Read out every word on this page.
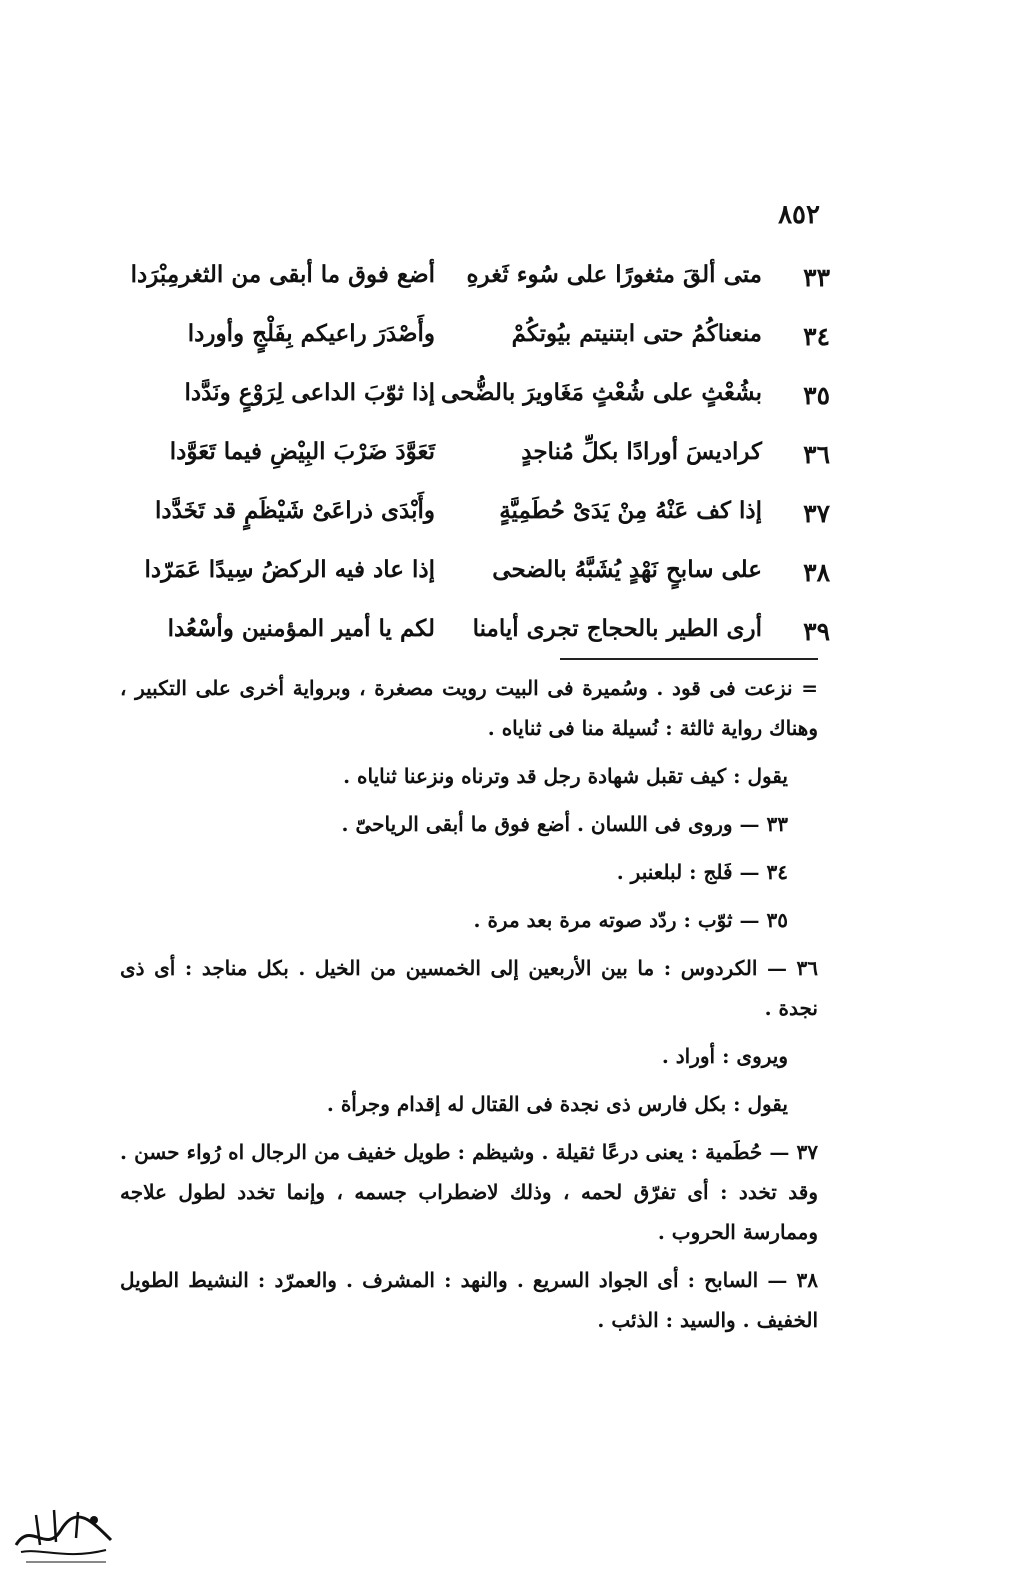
٨٥٢
٣٣
متى ألقَ مثغورًا على سُوء ثَغرهِ
أضع فوق ما أبقى من الثغرمِبْرَدا
٣٤
منعناكُمُ حتى ابتنيتم بيُوتكُمْ
وأَصْدَرَ راعيكم بِفَلْجٍ وأوردا
٣٥
بشُعْثٍ على شُعْثٍ مَغَاويرَ بالضُّحى
إذا ثوّبَ الداعى لِرَوْعٍ ونَدَّدا
٣٦
كراديسَ أورادًا بكلِّ مُناجدٍ
تَعَوَّدَ ضَرْبَ البِيْضِ فيما تَعَوَّدا
٣٧
إذا كف عَنْهُ مِنْ يَدَىْ حُطَمِيَّةٍ
وأَبْدَى ذراعَىْ شَيْظَمٍ قد تَخَدَّدا
٣٨
على سابحٍ نَهْدٍ يُشَبَّهُ بالضحى
إذا عاد فيه الركضُ سِيدًا عَمَرّدا
٣٩
أرى الطير بالحجاج تجرى أيامنا
لكم يا أمير المؤمنين وأسْعُدا

= نزعت فى قود . وسُميرة فى البيت رويت مصغرة ، وبرواية أخرى على التكبير ، وهناك رواية ثالثة : نُسيلة منا فى ثناياه .

يقول : كيف تقبل شهادة رجل قد وترناه ونزعنا ثناياه .

٣٣ — وروى فى اللسان . أضع فوق ما أبقى الرياحىّ .

٣٤ — فَلج : لبلعنبر .

٣٥ — ثوّب : ردّد صوته مرة بعد مرة .

٣٦ — الكردوس : ما بين الأربعين إلى الخمسين من الخيل . بكل مناجد : أى ذى نجدة .

ويروى : أوراد .

يقول : بكل فارس ذى نجدة فى القتال له إقدام وجرأة .

٣٧ — حُطَمية : يعنى درعًا ثقيلة . وشيظم : طويل خفيف من الرجال اه رُواء حسن . وقد تخدد : أى تفرّق لحمه ، وذلك لاضطراب جسمه ، وإنما تخدد لطول علاجه وممارسة الحروب .

٣٨ — السابح : أى الجواد السريع . والنهد : المشرف . والعمرّد : النشيط الطويل الخفيف . والسيد : الذئب .
